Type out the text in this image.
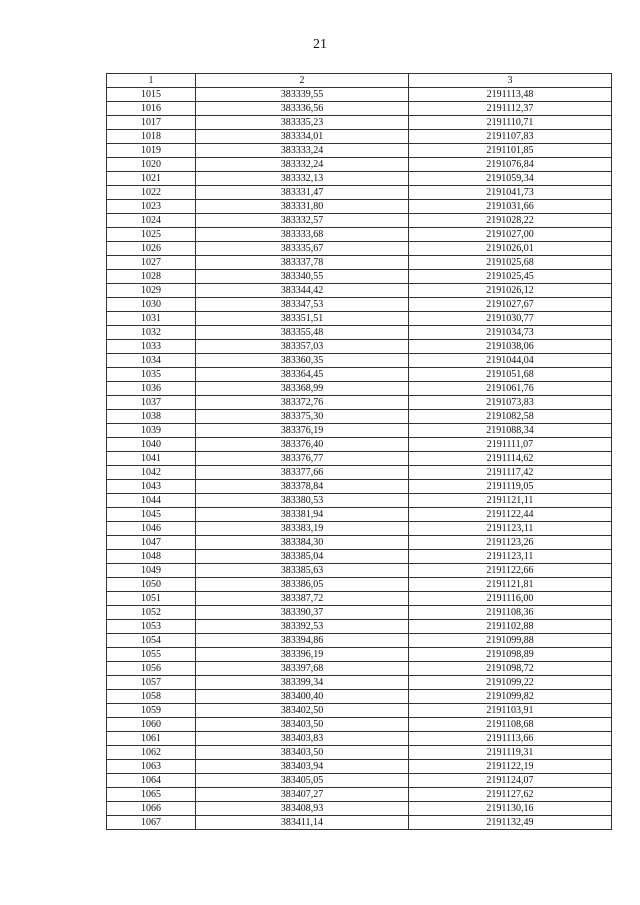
21
1	2	3
1015	383339,55	2191113,48
1016	383336,56	2191112,37
1017	383335,23	2191110,71
1018	383334,01	2191107,83
1019	383333,24	2191101,85
1020	383332,24	2191076,84
1021	383332,13	2191059,34
1022	383331,47	2191041,73
1023	383331,80	2191031,66
1024	383332,57	2191028,22
1025	383333,68	2191027,00
1026	383335,67	2191026,01
1027	383337,78	2191025,68
1028	383340,55	2191025,45
1029	383344,42	2191026,12
1030	383347,53	2191027,67
1031	383351,51	2191030,77
1032	383355,48	2191034,73
1033	383357,03	2191038,06
1034	383360,35	2191044,04
1035	383364,45	2191051,68
1036	383368,99	2191061,76
1037	383372,76	2191073,83
1038	383375,30	2191082,58
1039	383376,19	2191088,34
1040	383376,40	2191111,07
1041	383376,77	2191114,62
1042	383377,66	2191117,42
1043	383378,84	2191119,05
1044	383380,53	2191121,11
1045	383381,94	2191122,44
1046	383383,19	2191123,11
1047	383384,30	2191123,26
1048	383385,04	2191123,11
1049	383385,63	2191122,66
1050	383386,05	2191121,81
1051	383387,72	2191116,00
1052	383390,37	2191108,36
1053	383392,53	2191102,88
1054	383394,86	2191099,88
1055	383396,19	2191098,89
1056	383397,68	2191098,72
1057	383399,34	2191099,22
1058	383400,40	2191099,82
1059	383402,50	2191103,91
1060	383403,50	2191108,68
1061	383403,83	2191113,66
1062	383403,50	2191119,31
1063	383403,94	2191122,19
1064	383405,05	2191124,07
1065	383407,27	2191127,62
1066	383408,93	2191130,16
1067	383411,14	2191132,49
